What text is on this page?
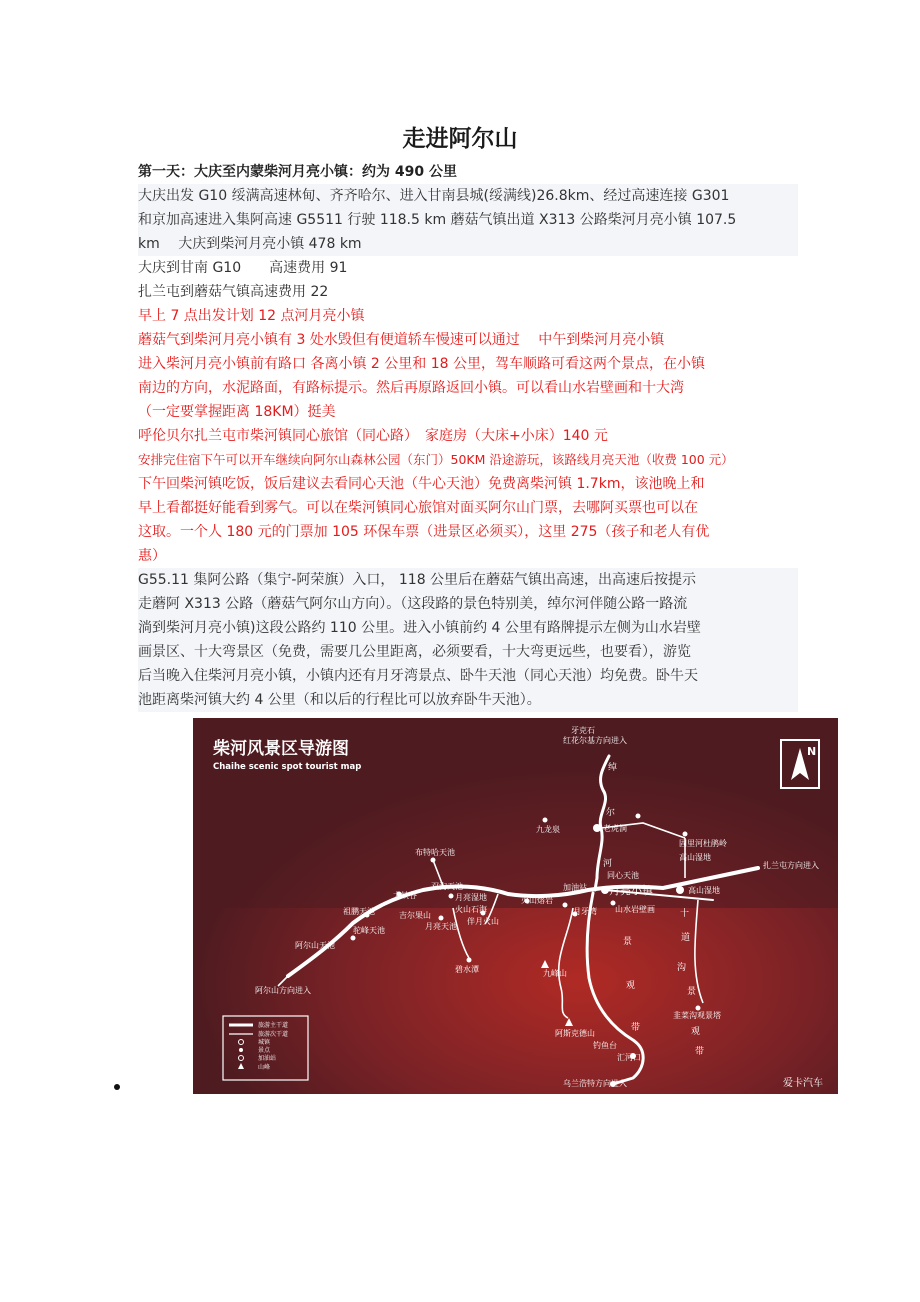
走进阿尔山
第一天：大庆至内蒙柴河月亮小镇：约为 490 公里
大庆出发 G10 绥满高速林甸、齐齐哈尔、进入甘南县城(绥满线)26.8km、经过高速连接 G301
和京加高速进入集阿高速 G5511 行驶 118.5 km 蘑菇气镇出道 X313 公路柴河月亮小镇 107.5
km　 大庆到柴河月亮小镇 478 km
大庆到甘南 G10　　高速费用 91
扎兰屯到蘑菇气镇高速费用 22
早上 7 点出发计划 12 点河月亮小镇
蘑菇气到柴河月亮小镇有 3 处水毁但有便道轿车慢速可以通过　 中午到柴河月亮小镇
进入柴河月亮小镇前有路口 各离小镇 2 公里和 18 公里，驾车顺路可看这两个景点，在小镇
南边的方向，水泥路面，有路标提示。然后再原路返回小镇。可以看山水岩壁画和十大湾
（一定要掌握距离 18KM）挺美
呼伦贝尔扎兰屯市柴河镇同心旅馆（同心路）　家庭房（大床+小床）140 元
安排完住宿下午可以开车继续向阿尔山森林公园（东门）50KM 沿途游玩，该路线月亮天池（收费 100 元）
下午回柴河镇吃饭，饭后建议去看同心天池（牛心天池）免费离柴河镇 1.7km，该池晚上和
早上看都挺好能看到雾气。可以在柴河镇同心旅馆对面买阿尔山门票，去哪阿买票也可以在
这取。一个人 180 元的门票加 105 环保车票（进景区必须买），这里 275（孩子和老人有优
惠）
G55.11 集阿公路（集宁-阿荣旗）入口， 118 公里后在蘑菇气镇出高速，出高速后按提示
走蘑阿 X313 公路（蘑菇气阿尔山方向）。（这段路的景色特别美，绰尔河伴随公路一路流
淌到柴河月亮小镇)这段公路约 110 公里。进入小镇前约 4 公里有路牌提示左侧为山水岩壁
画景区、十大弯景区（免费，需要几公里距离，必须要看，十大弯更远些，也要看），游览
后当晚入住柴河月亮小镇，小镇内还有月牙湾景点、卧牛天池（同心天池）均免费。卧牛天
池距离柴河镇大约 4 公里（和以后的行程比可以放弃卧牛天池）。
柴河风景区导游图
Chaihe scenic spot tourist map
N
牙克石
红花尔基方向进入
九龙泉	老虎洞
固里河杜鹃岭
高山湿地
扎兰屯方向进入
高山湿地
布特哈天池
双沟天池
月亮湿地
大峡谷
火山熔岩
加油站
同心天池
月亮小镇
祖鹏天池	吉尔果山
火山石海
伴月火山
月牙湾 山水岩壁画
驼峰天池	月亮天池
阿尔山天池
碧水潭	九峰山
韭菜沟观景塔
阿尔山方向进入
阿斯克德山
钓鱼台
汇河口
乌兰浩特方向进入
绰
尔
河
景
观
带
十
道
沟
景
观
带
旅游主干道
旅游次干道
城镇
景点
加油站
山峰
爱卡汽车
